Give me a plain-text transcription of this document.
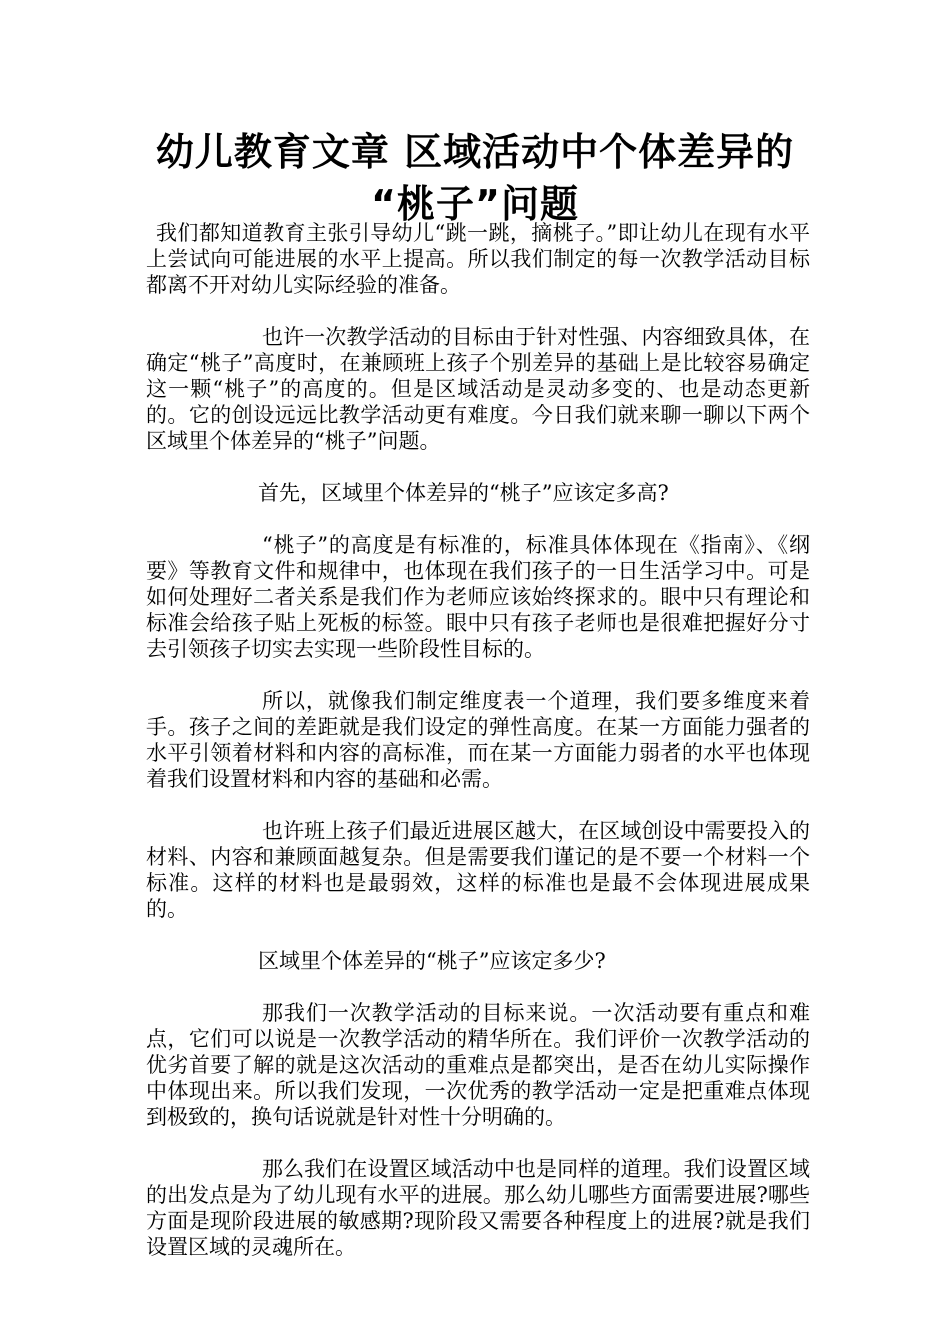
幼儿教育文章 区域活动中个体差异的
“桃子”问题

我们都知道教育主张引导幼儿“跳一跳，摘桃子。”即让幼儿在现有水平上尝试向可能进展的水平上提高。所以我们制定的每一次教学活动目标都离不开对幼儿实际经验的准备。

也许一次教学活动的目标由于针对性强、内容细致具体，在确定“桃子”高度时，在兼顾班上孩子个别差异的基础上是比较容易确定这一颗“桃子”的高度的。但是区域活动是灵动多变的、也是动态更新的。它的创设远远比教学活动更有难度。今日我们就来聊一聊以下两个区域里个体差异的“桃子”问题。

首先，区域里个体差异的“桃子”应该定多高?

“桃子”的高度是有标准的，标准具体体现在《指南》、《纲要》等教育文件和规律中，也体现在我们孩子的一日生活学习中。可是如何处理好二者关系是我们作为老师应该始终探求的。眼中只有理论和标准会给孩子贴上死板的标签。眼中只有孩子老师也是很难把握好分寸去引领孩子切实去实现一些阶段性目标的。

所以，就像我们制定维度表一个道理，我们要多维度来着手。孩子之间的差距就是我们设定的弹性高度。在某一方面能力强者的水平引领着材料和内容的高标准，而在某一方面能力弱者的水平也体现着我们设置材料和内容的基础和必需。

也许班上孩子们最近进展区越大，在区域创设中需要投入的材料、内容和兼顾面越复杂。但是需要我们谨记的是不要一个材料一个标准。这样的材料也是最弱效，这样的标准也是最不会体现进展成果的。

区域里个体差异的“桃子”应该定多少?

那我们一次教学活动的目标来说。一次活动要有重点和难点，它们可以说是一次教学活动的精华所在。我们评价一次教学活动的优劣首要了解的就是这次活动的重难点是都突出，是否在幼儿实际操作中体现出来。所以我们发现，一次优秀的教学活动一定是把重难点体现到极致的，换句话说就是针对性十分明确的。

那么我们在设置区域活动中也是同样的道理。我们设置区域的出发点是为了幼儿现有水平的进展。那么幼儿哪些方面需要进展?哪些方面是现阶段进展的敏感期?现阶段又需要各种程度上的进展?就是我们设置区域的灵魂所在。
